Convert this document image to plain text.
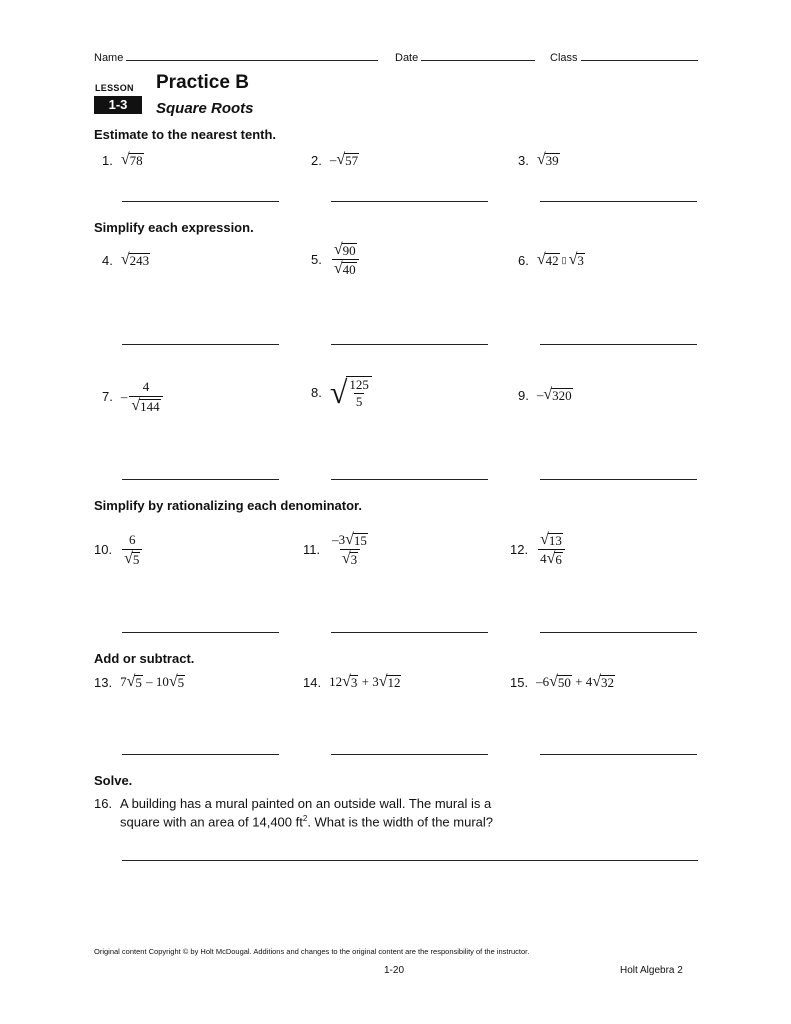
Name	Date	Class
LESSON
1-3
Practice B
Square Roots
Estimate to the nearest tenth.
1. √ 78	2. – √ 57	3. √ 39
Simplify each expression.
4. √ 243	5. $\frac{√ 90}{√ 40}$	6. √ 42 ▯ √ 3
7. – $\frac{4}{√ 144}$	8. √ $\frac{125}{5}$	9. – √ 320
Simplify by rationalizing each denominator.
10. $\frac{6}{√ 5}$	11. $\frac{-3 √ 15}{√ 3}$	12. $\frac{√ 13}{4 √ 6}$
Add or subtract.
13. 7 √ 5 – 10 √ 5	14. 12 √ 3 + 3 √ 12	15. –6 √ 50 + 4 √ 32
Solve.
16. A building has a mural painted on an outside wall. The mural is a
square with an area of 14,400 $ft^2$. What is the width of the mural?
Original content Copyright © by Holt McDougal. Additions and changes to the original content are the responsibility of the instructor.
1-20	Holt Algebra 2
